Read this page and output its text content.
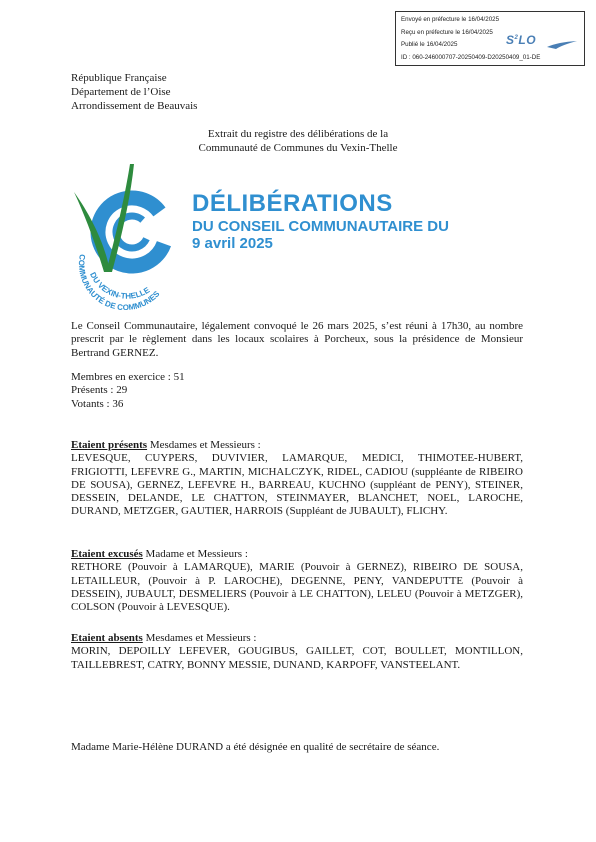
Envoyé en préfecture le 16/04/2025
Reçu en préfecture le 16/04/2025
Publié le 16/04/2025
ID : 060-246000707-20250409-D20250409_01-DE
$S^2LO$
République Française
Département de l’Oise
Arrondissement de Beauvais
Extrait du registre des délibérations de la
Communauté de Communes du Vexin-Thelle
COMMUNAUTÉ DE COMMUNES
DU VEXIN-THELLE
DÉLIBÉRATIONS
DU CONSEIL COMMUNAUTAIRE DU
9 avril 2025
Le Conseil Communautaire, légalement convoqué le 26 mars 2025, s’est réuni à 17h30, au nombre prescrit par le règlement dans les locaux scolaires à Porcheux, sous la présidence de Monsieur Bertrand GERNEZ.
Membres en exercice : 51
Présents : 29
Votants : 36
Etaient présents Mesdames et Messieurs :
LEVESQUE, CUYPERS, DUVIVIER, LAMARQUE, MEDICI, THIMOTEE-HUBERT, FRIGIOTTI, LEFEVRE G., MARTIN, MICHALCZYK, RIDEL, CADIOU (suppléante de RIBEIRO DE SOUSA), GERNEZ, LEFEVRE H., BARREAU, KUCHNO (suppléant de PENY), STEINER, DESSEIN, DELANDE, LE CHATTON, STEINMAYER, BLANCHET, NOEL, LAROCHE, DURAND, METZGER, GAUTIER, HARROIS (Suppléant de JUBAULT), FLICHY.
Etaient excusés Madame et Messieurs :
RETHORE (Pouvoir à LAMARQUE), MARIE (Pouvoir à GERNEZ), RIBEIRO DE SOUSA, LETAILLEUR, (Pouvoir à P. LAROCHE), DEGENNE, PENY, VANDEPUTTE (Pouvoir à DESSEIN), JUBAULT, DESMELIERS (Pouvoir à LE CHATTON), LELEU (Pouvoir à METZGER), COLSON (Pouvoir à LEVESQUE).
Etaient absents Mesdames et Messieurs :
MORIN, DEPOILLY LEFEVER, GOUGIBUS, GAILLET, COT, BOULLET, MONTILLON, TAILLEBREST, CATRY, BONNY MESSIE, DUNAND, KARPOFF, VANSTEELANT.
Madame Marie-Hélène DURAND a été désignée en qualité de secrétaire de séance.
